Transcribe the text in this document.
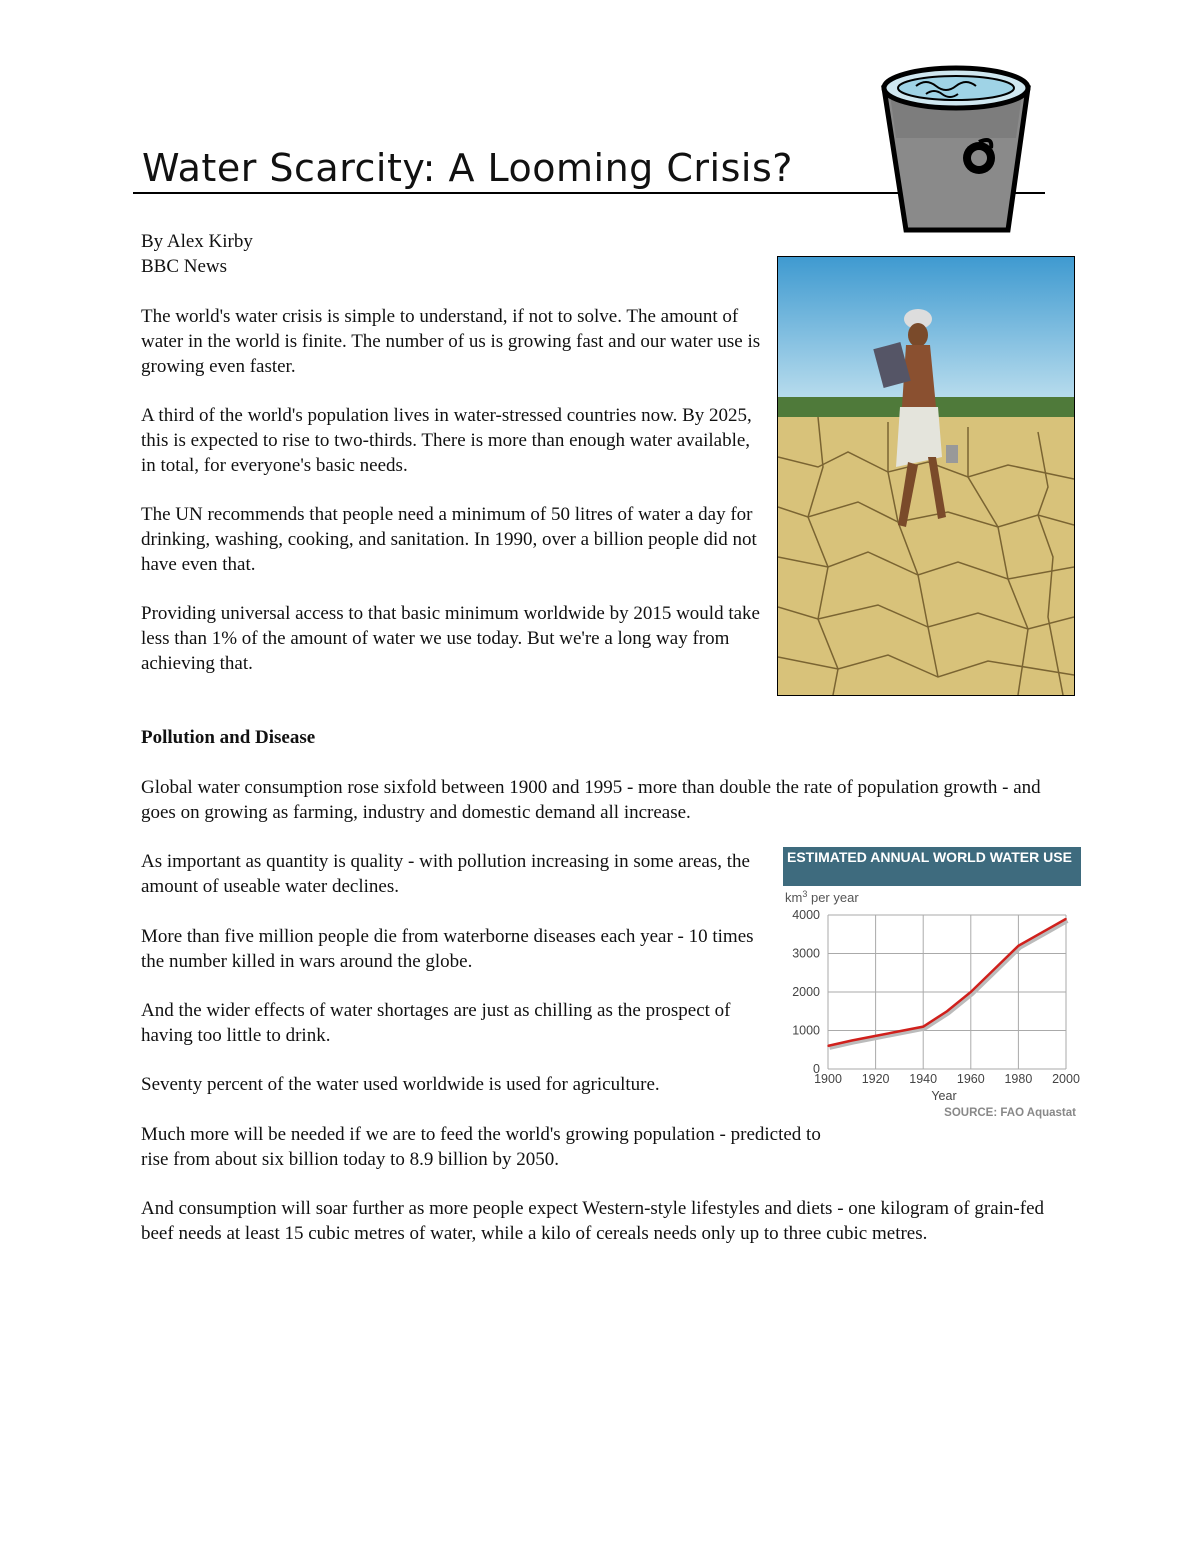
Water Scarcity: A Looming Crisis?

By Alex Kirby

BBC News

The world's water crisis is simple to understand, if not to solve. The amount of water in the world is finite. The number of us is growing fast and our water use is growing even faster.
A third of the world's population lives in water-stressed countries now. By 2025, this is expected to rise to two-thirds. There is more than enough water available, in total, for everyone's basic needs.
The UN recommends that people need a minimum of 50 litres of water a day for drinking, washing, cooking, and sanitation. In 1990, over a billion people did not have even that.
Providing universal access to that basic minimum worldwide by 2015 would take less than 1% of the amount of water we use today. But we're a long way from achieving that.
Pollution and Disease
Global water consumption rose sixfold between 1900 and 1995 - more than double the rate of population growth - and goes on growing as farming, industry and domestic demand all increase.
As important as quantity is quality - with pollution increasing in some areas, the amount of useable water declines.
More than five million people die from waterborne diseases each year - 10 times the number killed in wars around the globe.
And the wider effects of water shortages are just as chilling as the prospect of having too little to drink.
Seventy percent of the water used worldwide is used for agriculture.
Much more will be needed if we are to feed the world's growing population - predicted to rise from about six billion today to 8.9 billion by 2050.
And consumption will soar further as more people expect Western-style lifestyles and diets - one kilogram of grain-fed beef needs at least 15 cubic metres of water, while a kilo of cereals needs only up to three cubic metres.
ESTIMATED ANNUAL WORLD WATER USE
$km^3$ per year
0
1000
2000
3000
4000
1900 1920 1940 1960 1980 2000
Year
SOURCE: FAO Aquastat
